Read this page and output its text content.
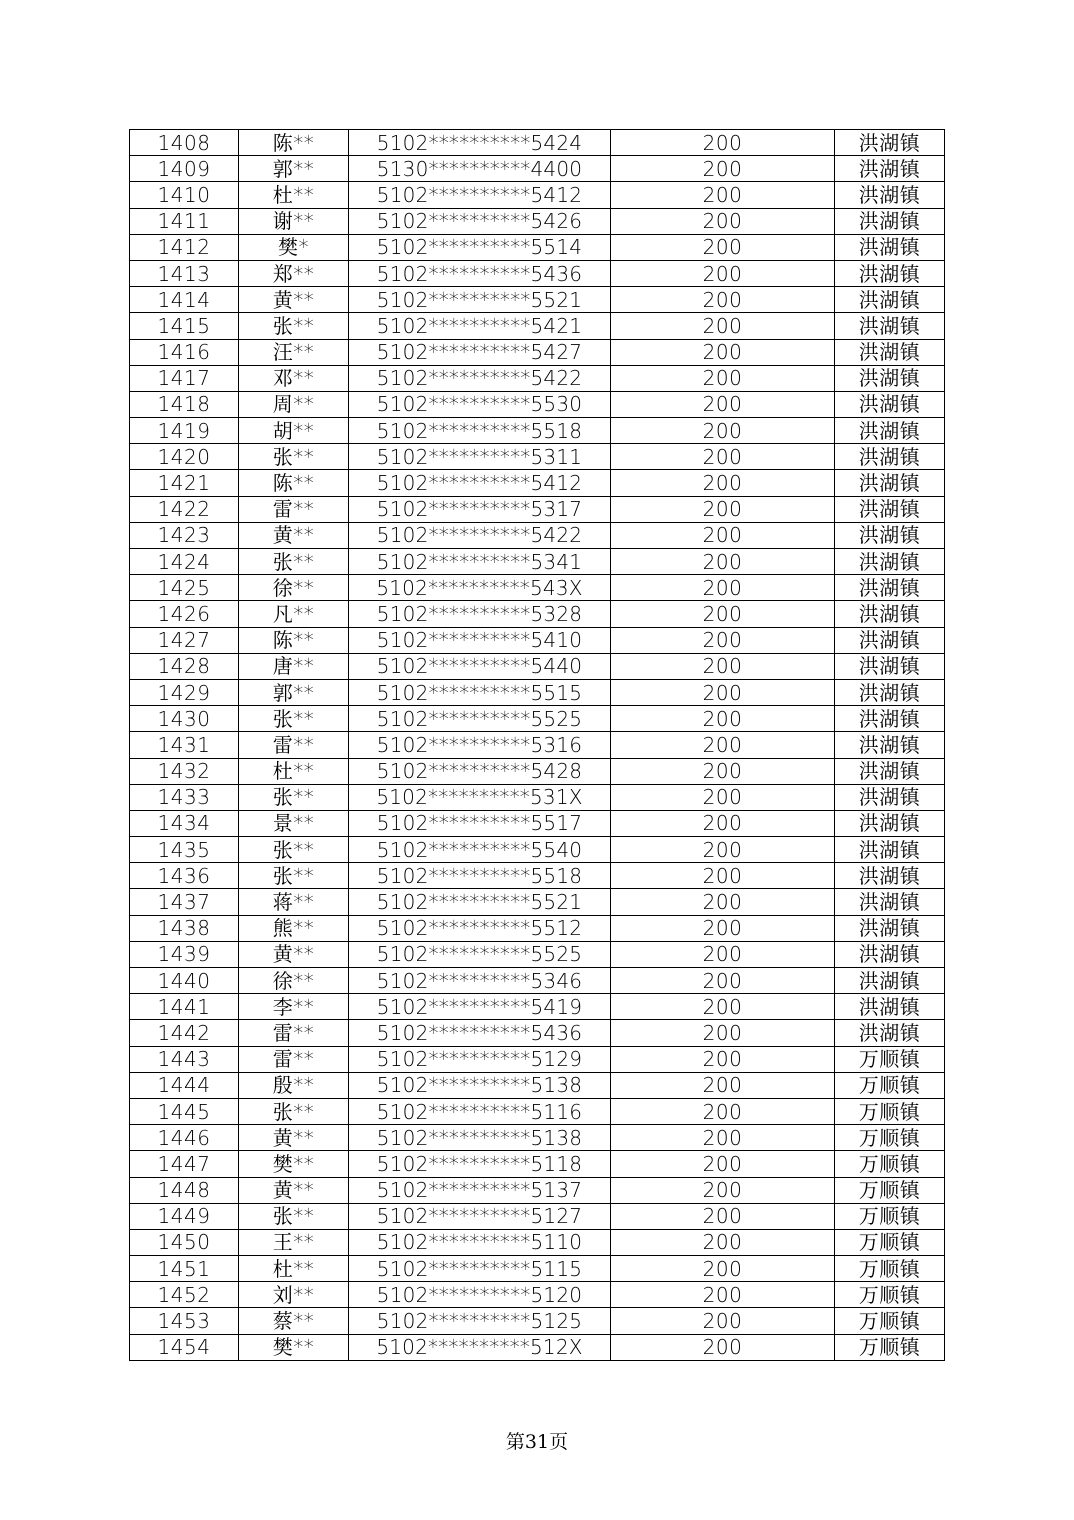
1408	陈**	5102**********5424	200	洪湖镇
1409	郭**	5130**********4400	200	洪湖镇
1410	杜**	5102**********5412	200	洪湖镇
1411	谢**	5102**********5426	200	洪湖镇
1412	樊*	5102**********5514	200	洪湖镇
1413	郑**	5102**********5436	200	洪湖镇
1414	黄**	5102**********5521	200	洪湖镇
1415	张**	5102**********5421	200	洪湖镇
1416	汪**	5102**********5427	200	洪湖镇
1417	邓**	5102**********5422	200	洪湖镇
1418	周**	5102**********5530	200	洪湖镇
1419	胡**	5102**********5518	200	洪湖镇
1420	张**	5102**********5311	200	洪湖镇
1421	陈**	5102**********5412	200	洪湖镇
1422	雷**	5102**********5317	200	洪湖镇
1423	黄**	5102**********5422	200	洪湖镇
1424	张**	5102**********5341	200	洪湖镇
1425	徐**	5102**********543X	200	洪湖镇
1426	凡**	5102**********5328	200	洪湖镇
1427	陈**	5102**********5410	200	洪湖镇
1428	唐**	5102**********5440	200	洪湖镇
1429	郭**	5102**********5515	200	洪湖镇
1430	张**	5102**********5525	200	洪湖镇
1431	雷**	5102**********5316	200	洪湖镇
1432	杜**	5102**********5428	200	洪湖镇
1433	张**	5102**********531X	200	洪湖镇
1434	景**	5102**********5517	200	洪湖镇
1435	张**	5102**********5540	200	洪湖镇
1436	张**	5102**********5518	200	洪湖镇
1437	蒋**	5102**********5521	200	洪湖镇
1438	熊**	5102**********5512	200	洪湖镇
1439	黄**	5102**********5525	200	洪湖镇
1440	徐**	5102**********5346	200	洪湖镇
1441	李**	5102**********5419	200	洪湖镇
1442	雷**	5102**********5436	200	洪湖镇
1443	雷**	5102**********5129	200	万顺镇
1444	殷**	5102**********5138	200	万顺镇
1445	张**	5102**********5116	200	万顺镇
1446	黄**	5102**********5138	200	万顺镇
1447	樊**	5102**********5118	200	万顺镇
1448	黄**	5102**********5137	200	万顺镇
1449	张**	5102**********5127	200	万顺镇
1450	王**	5102**********5110	200	万顺镇
1451	杜**	5102**********5115	200	万顺镇
1452	刘**	5102**********5120	200	万顺镇
1453	蔡**	5102**********5125	200	万顺镇
1454	樊**	5102**********512X	200	万顺镇
第31页
